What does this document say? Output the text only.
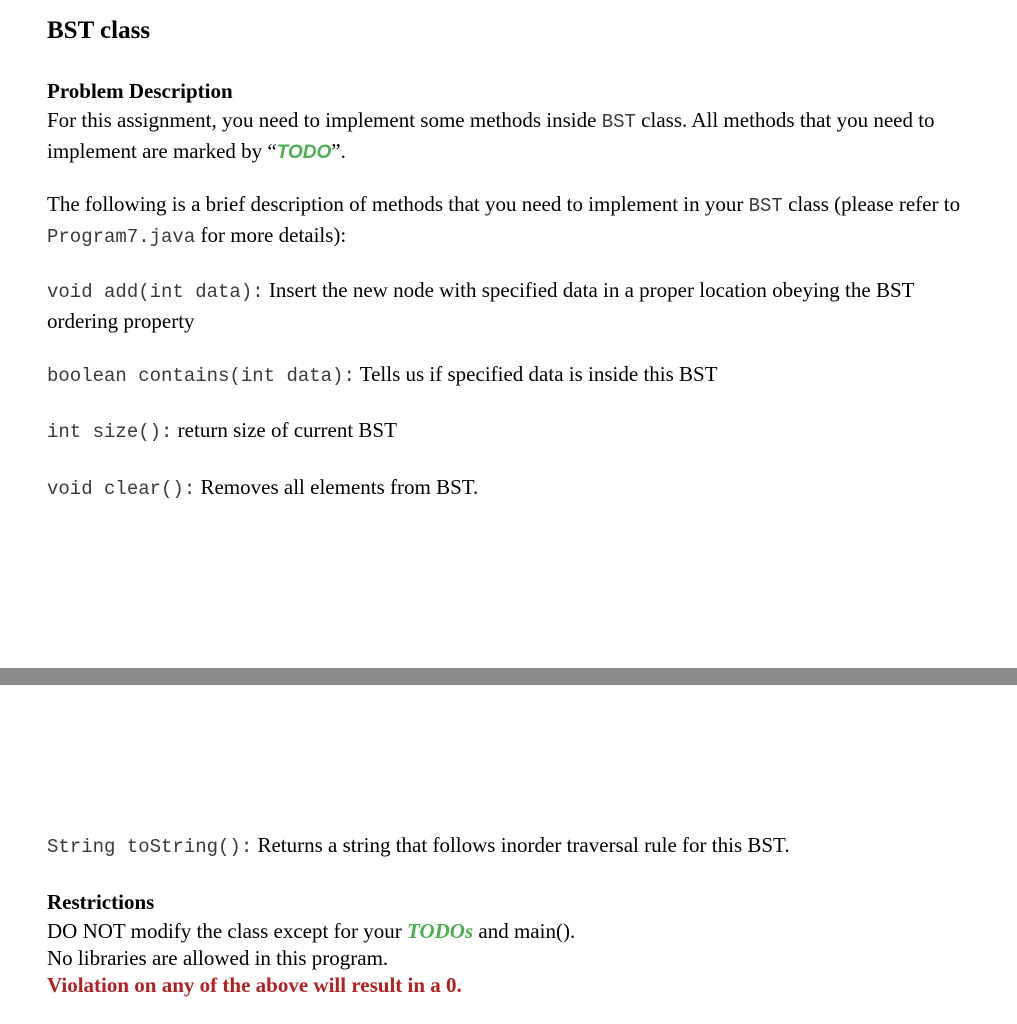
BST class
Problem Description
For this assignment, you need to implement some methods inside BST class. All methods that you need to implement are marked by “TODO”.
The following is a brief description of methods that you need to implement in your BST class (please refer to Program7.java for more details):
void add(int data): Insert the new node with specified data in a proper location obeying the BST ordering property
boolean contains(int data): Tells us if specified data is inside this BST
int size(): return size of current BST
void clear(): Removes all elements from BST.
String toString(): Returns a string that follows inorder traversal rule for this BST.
Restrictions
DO NOT modify the class except for your TODOs and main().
No libraries are allowed in this program.
Violation on any of the above will result in a 0.
